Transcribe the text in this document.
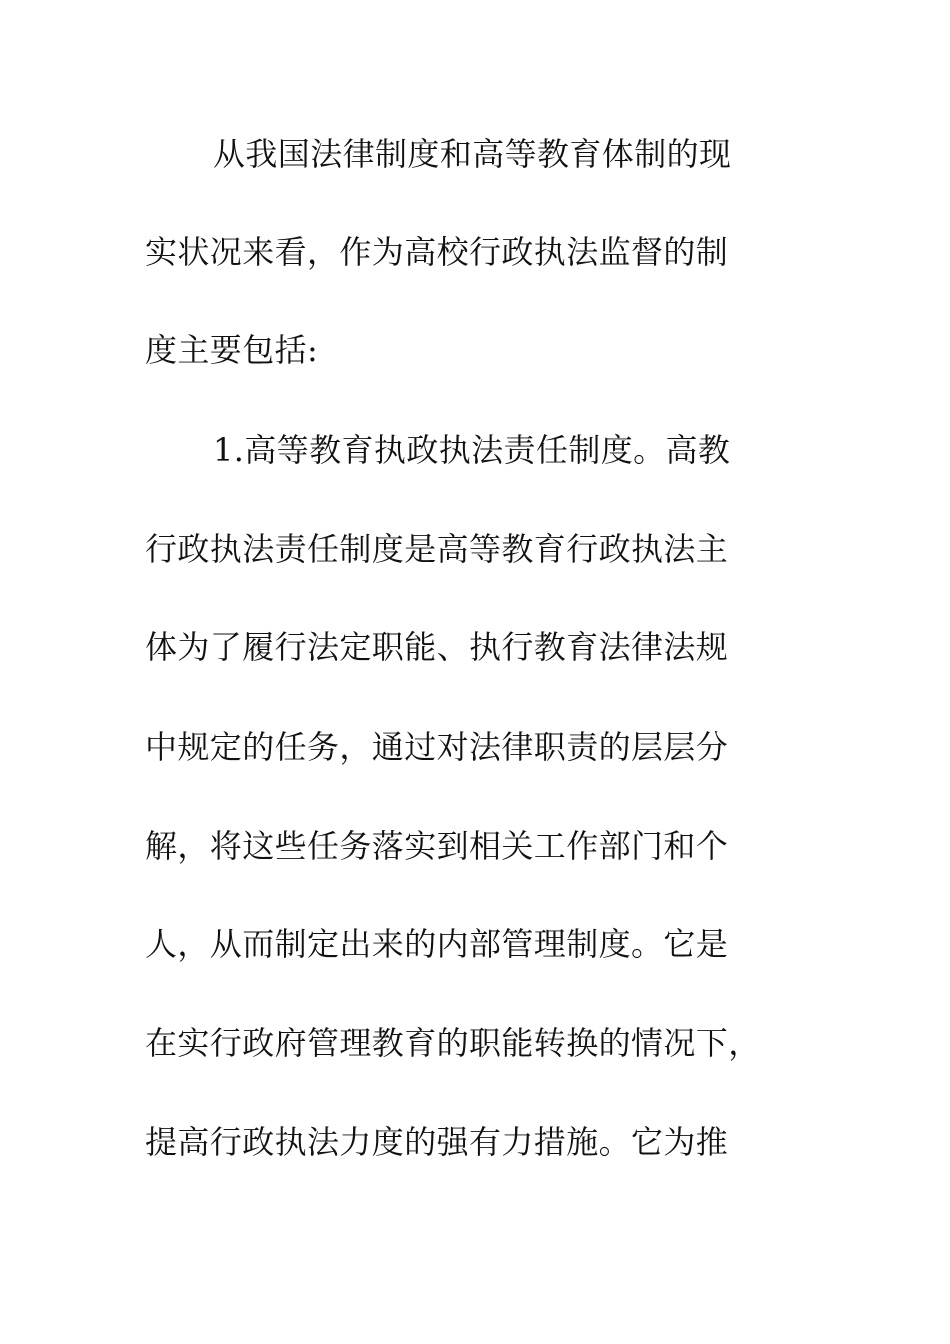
从我国法律制度和高等教育体制的现
实状况来看，作为高校行政执法监督的制
度主要包括:
1.高等教育执政执法责任制度。高教
行政执法责任制度是高等教育行政执法主
体为了履行法定职能、执行教育法律法规
中规定的任务，通过对法律职责的层层分
解，将这些任务落实到相关工作部门和个
人，从而制定出来的内部管理制度。它是
在实行政府管理教育的职能转换的情况下，
提高行政执法力度的强有力措施。它为推
